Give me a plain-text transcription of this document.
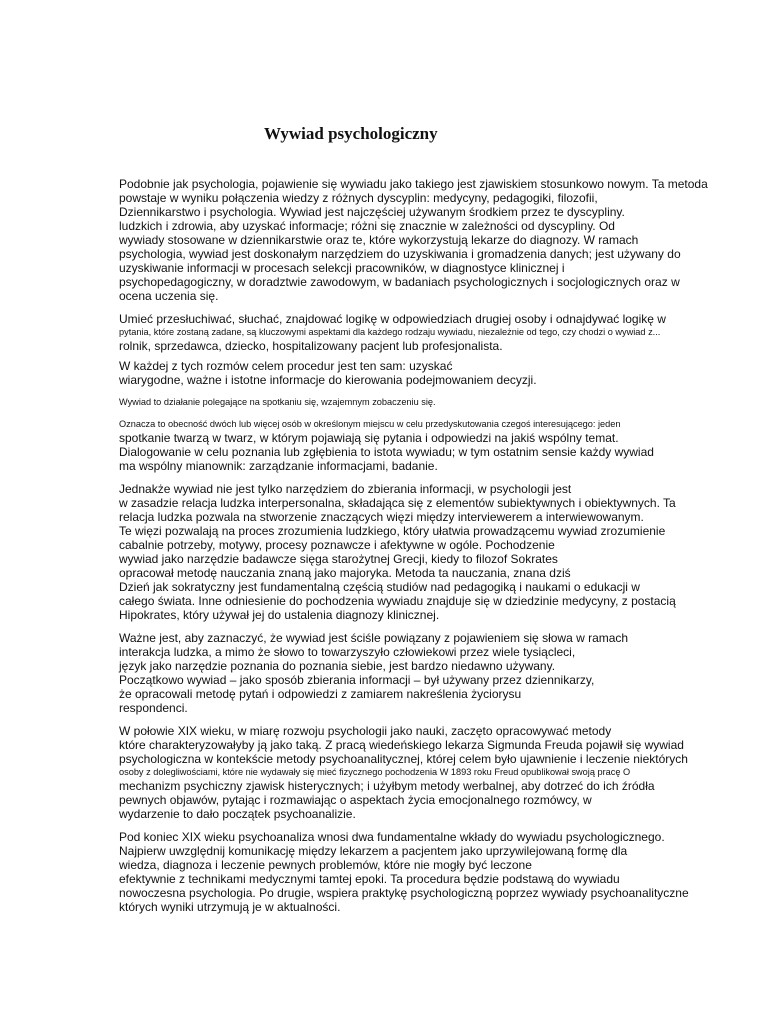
Wywiad psychologiczny
Podobnie jak psychologia, pojawienie się wywiadu jako takiego jest zjawiskiem stosunkowo nowym. Ta metoda
powstaje w wyniku połączenia wiedzy z różnych dyscyplin: medycyny, pedagogiki, filozofii,
Dziennikarstwo i psychologia. Wywiad jest najczęściej używanym środkiem przez te dyscypliny.
ludzkich i zdrowia, aby uzyskać informacje; różni się znacznie w zależności od dyscypliny. Od
wywiady stosowane w dziennikarstwie oraz te, które wykorzystują lekarze do diagnozy. W ramach
psychologia, wywiad jest doskonałym narzędziem do uzyskiwania i gromadzenia danych; jest używany do
uzyskiwanie informacji w procesach selekcji pracowników, w diagnostyce klinicznej i
psychopedagogiczny, w doradztwie zawodowym, w badaniach psychologicznych i socjologicznych oraz w
ocena uczenia się.
Umieć przesłuchiwać, słuchać, znajdować logikę w odpowiedziach drugiej osoby i odnajdywać logikę w
pytania, które zostaną zadane, są kluczowymi aspektami dla każdego rodzaju wywiadu, niezależnie od tego, czy chodzi o wywiad z...
rolnik, sprzedawca, dziecko, hospitalizowany pacjent lub profesjonalista.
W każdej z tych rozmów celem procedur jest ten sam: uzyskać
wiarygodne, ważne i istotne informacje do kierowania podejmowaniem decyzji.
Wywiad to działanie polegające na spotkaniu się, wzajemnym zobaczeniu się.
Oznacza to obecność dwóch lub więcej osób w określonym miejscu w celu przedyskutowania czegoś interesującego: jeden
spotkanie twarzą w twarz, w którym pojawiają się pytania i odpowiedzi na jakiś wspólny temat.
Dialogowanie w celu poznania lub zgłębienia to istota wywiadu; w tym ostatnim sensie każdy wywiad
ma wspólny mianownik: zarządzanie informacjami, badanie.
Jednakże wywiad nie jest tylko narzędziem do zbierania informacji, w psychologii jest
w zasadzie relacja ludzka interpersonalna, składająca się z elementów subiektywnych i obiektywnych. Ta
relacja ludzka pozwala na stworzenie znaczących więzi między interviewerem a interwiewowanym.
Te więzi pozwalają na proces zrozumienia ludzkiego, który ułatwia prowadzącemu wywiad zrozumienie
cabalnie potrzeby, motywy, procesy poznawcze i afektywne w ogóle. Pochodzenie
wywiad jako narzędzie badawcze sięga starożytnej Grecji, kiedy to filozof Sokrates
opracował metodę nauczania znaną jako majoryka. Metoda ta nauczania, znana dziś
Dzień jak sokratyczny jest fundamentalną częścią studiów nad pedagogiką i naukami o edukacji w
całego świata. Inne odniesienie do pochodzenia wywiadu znajduje się w dziedzinie medycyny, z postacią
Hipokrates, który używał jej do ustalenia diagnozy klinicznej.
Ważne jest, aby zaznaczyć, że wywiad jest ściśle powiązany z pojawieniem się słowa w ramach
interakcja ludzka, a mimo że słowo to towarzyszyło człowiekowi przez wiele tysiącleci,
język jako narzędzie poznania do poznania siebie, jest bardzo niedawno używany.
Początkowo wywiad – jako sposób zbierania informacji – był używany przez dziennikarzy,
że opracowali metodę pytań i odpowiedzi z zamiarem nakreślenia życiorysu
respondenci.
W połowie XIX wieku, w miarę rozwoju psychologii jako nauki, zaczęto opracowywać metody
które charakteryzowałyby ją jako taką. Z pracą wiedeńskiego lekarza Sigmunda Freuda pojawił się wywiad
psychologiczna w kontekście metody psychoanalitycznej, której celem było ujawnienie i leczenie niektórych
osoby z dolegliwościami, które nie wydawały się mieć fizycznego pochodzenia W 1893 roku Freud opublikował swoją pracę O
mechanizm psychiczny zjawisk histerycznych; i użyłbym metody werbalnej, aby dotrzeć do ich źródła
pewnych objawów, pytając i rozmawiając o aspektach życia emocjonalnego rozmówcy, w
wydarzenie to dało początek psychoanalizie.
Pod koniec XIX wieku psychoanaliza wnosi dwa fundamentalne wkłady do wywiadu psychologicznego.
Najpierw uwzględnij komunikację między lekarzem a pacjentem jako uprzywilejowaną formę dla
wiedza, diagnoza i leczenie pewnych problemów, które nie mogły być leczone
efektywnie z technikami medycznymi tamtej epoki. Ta procedura będzie podstawą do wywiadu
nowoczesna psychologia. Po drugie, wspiera praktykę psychologiczną poprzez wywiady psychoanalityczne
których wyniki utrzymują je w aktualności.
